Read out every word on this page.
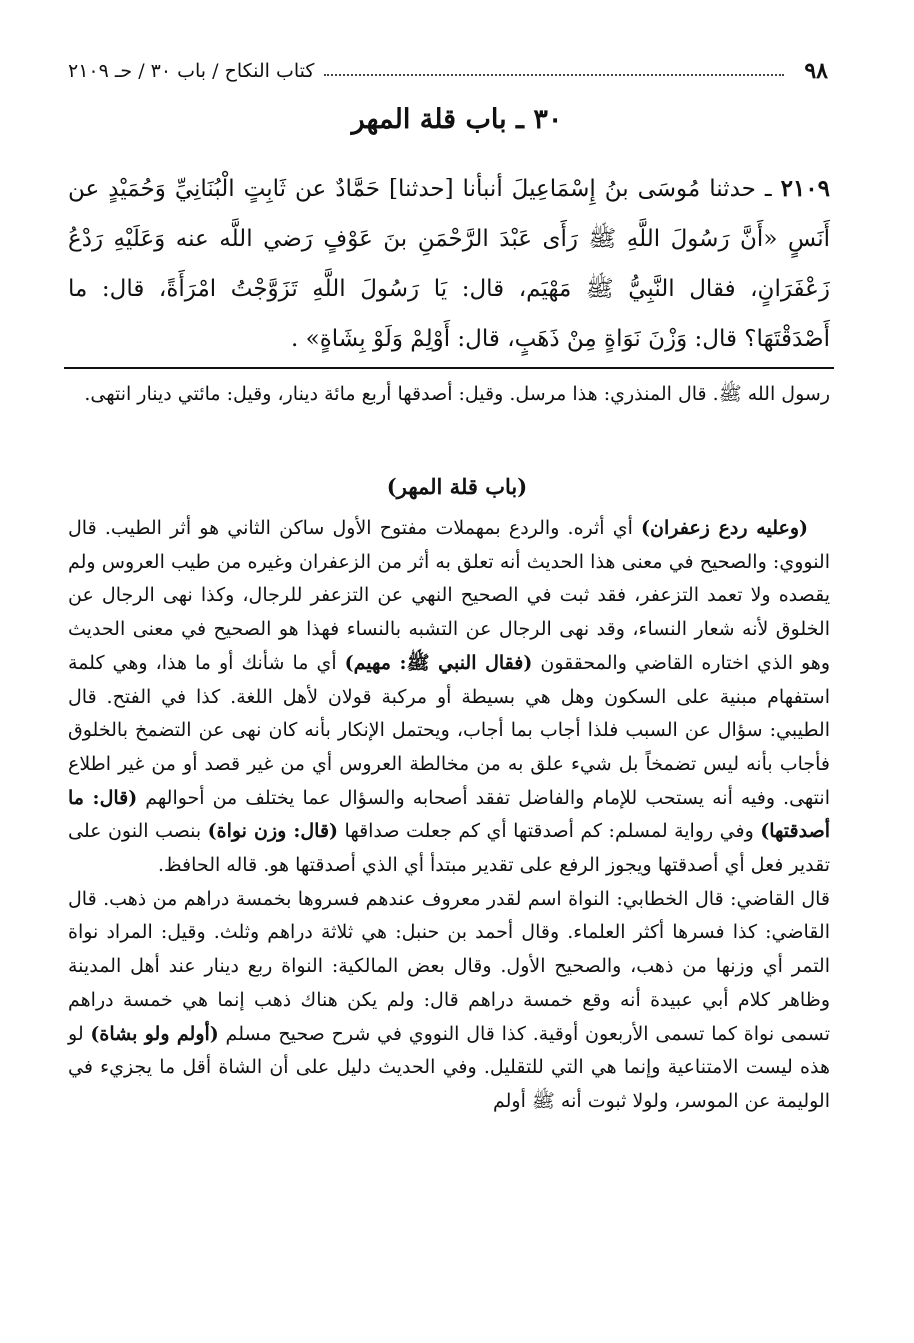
٩٨
كتاب النكاح / باب ٣٠ / حـ ٢١٠٩
٣٠ ـ باب قلة المهر
٢١٠٩ ـ حدثنا مُوسَى بنُ إِسْمَاعِيلَ أنبأنا [حدثنا] حَمَّادٌ عن ثَابِتٍ الْبُنَانِيِّ وَحُمَيْدٍ عن أَنَسٍ «أَنَّ رَسُولَ اللَّهِ ﷺ رَأَى عَبْدَ الرَّحْمَنِ بنَ عَوْفٍ رَضي اللَّه عنه وَعَلَيْهِ رَدْعُ زَعْفَرَانٍ، فقال النَّبِيُّ ﷺ مَهْيَم، قال: يَا رَسُولَ اللَّهِ تَزَوَّجْتُ امْرَأَةً، قال: ما أَصْدَقْتَهَا؟ قال: وَزْنَ نَوَاةٍ مِنْ ذَهَبٍ، قال: أَوْلِمْ وَلَوْ بِشَاةٍ» .
رسول الله ﷺ. قال المنذري: هذا مرسل. وقيل: أصدقها أربع مائة دينار، وقيل: مائتي دينار انتهى.
(باب قلة المهر)

(وعليه ردع زعفران) أي أثره. والردع بمهملات مفتوح الأول ساكن الثاني هو أثر الطيب. قال النووي: والصحيح في معنى هذا الحديث أنه تعلق به أثر من الزعفران وغيره من طيب العروس ولم يقصده ولا تعمد التزعفر، فقد ثبت في الصحيح النهي عن التزعفر للرجال، وكذا نهى الرجال عن الخلوق لأنه شعار النساء، وقد نهى الرجال عن التشبه بالنساء فهذا هو الصحيح في معنى الحديث وهو الذي اختاره القاضي والمحققون (فقال النبي ﷺ: مهيم) أي ما شأنك أو ما هذا، وهي كلمة استفهام مبنية على السكون وهل هي بسيطة أو مركبة قولان لأهل اللغة. كذا في الفتح. قال الطيبي: سؤال عن السبب فلذا أجاب بما أجاب، ويحتمل الإنكار بأنه كان نهى عن التضمخ بالخلوق فأجاب بأنه ليس تضمخاً بل شيء علق به من مخالطة العروس أي من غير قصد أو من غير اطلاع انتهى. وفيه أنه يستحب للإمام والفاضل تفقد أصحابه والسؤال عما يختلف من أحوالهم (قال: ما أصدقتها) وفي رواية لمسلم: كم أصدقتها أي كم جعلت صداقها (قال: وزن نواة) بنصب النون على تقدير فعل أي أصدقتها ويجوز الرفع على تقدير مبتدأ أي الذي أصدقتها هو. قاله الحافظ.

قال القاضي: قال الخطابي: النواة اسم لقدر معروف عندهم فسروها بخمسة دراهم من ذهب. قال القاضي: كذا فسرها أكثر العلماء. وقال أحمد بن حنبل: هي ثلاثة دراهم وثلث. وقيل: المراد نواة التمر أي وزنها من ذهب، والصحيح الأول. وقال بعض المالكية: النواة ربع دينار عند أهل المدينة وظاهر كلام أبي عبيدة أنه وقع خمسة دراهم قال: ولم يكن هناك ذهب إنما هي خمسة دراهم تسمى نواة كما تسمى الأربعون أوقية. كذا قال النووي في شرح صحيح مسلم (أولم ولو بشاة) لو هذه ليست الامتناعية وإنما هي التي للتقليل. وفي الحديث دليل على أن الشاة أقل ما يجزيء في الوليمة عن الموسر، ولولا ثبوت أنه ﷺ أولم
